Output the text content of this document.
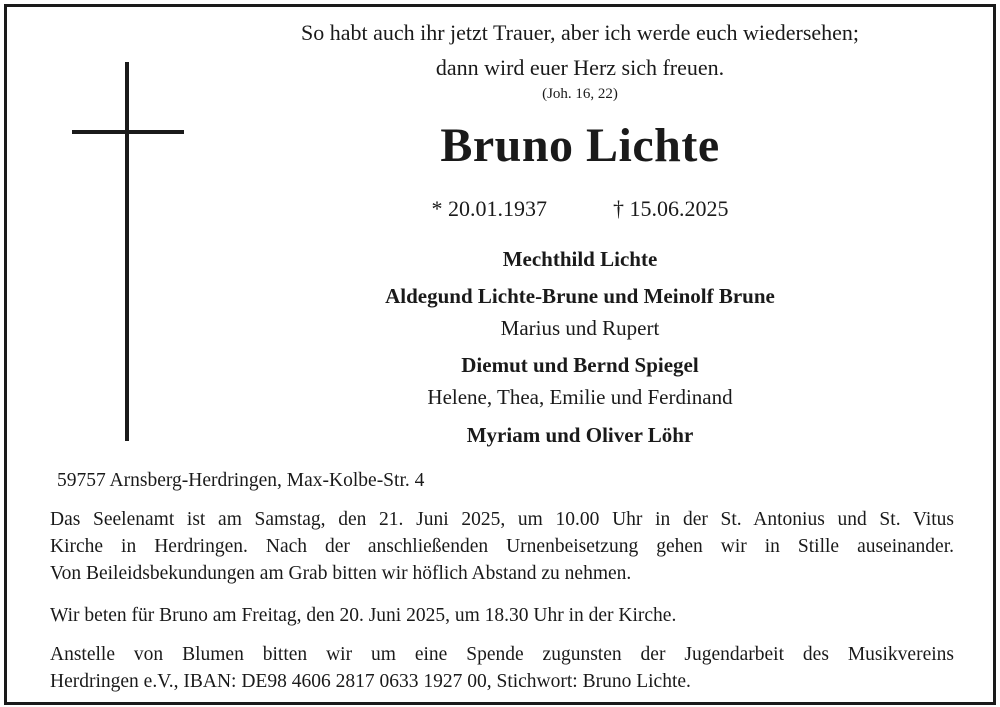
So habt auch ihr jetzt Trauer, aber ich werde euch wiedersehen;
dann wird euer Herz sich freuen.
(Joh. 16, 22)
Bruno Lichte
* 20.01.1937	† 15.06.2025
Mechthild Lichte
Aldegund Lichte-Brune und Meinolf Brune
Marius und Rupert
Diemut und Bernd Spiegel
Helene, Thea, Emilie und Ferdinand
Myriam und Oliver Löhr
59757 Arnsberg-Herdringen, Max-Kolbe-Str. 4
Das Seelenamt ist am Samstag, den 21. Juni 2025, um 10.00 Uhr in der St. Antonius und St. Vitus
Kirche in Herdringen. Nach der anschließenden Urnenbeisetzung gehen wir in Stille auseinander.
Von Beileidsbekundungen am Grab bitten wir höflich Abstand zu nehmen.
Wir beten für Bruno am Freitag, den 20. Juni 2025, um 18.30 Uhr in der Kirche.
Anstelle von Blumen bitten wir um eine Spende zugunsten der Jugendarbeit des Musikvereins
Herdringen e.V., IBAN: DE98 4606 2817 0633 1927 00, Stichwort: Bruno Lichte.
